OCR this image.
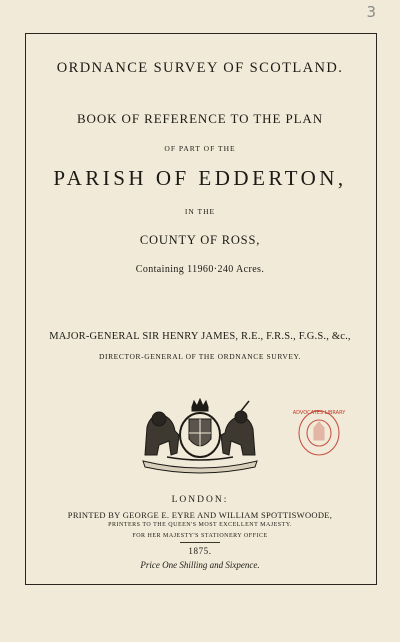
3
ORDNANCE SURVEY OF SCOTLAND.
BOOK OF REFERENCE TO THE PLAN
OF PART OF THE
PARISH OF EDDERTON,
IN THE
COUNTY OF ROSS,
Containing 11960·240 Acres.
MAJOR-GENERAL SIR HENRY JAMES, R.E., F.R.S., F.G.S., &c.,
DIRECTOR-GENERAL OF THE ORDNANCE SURVEY.
ADVOCATES LIBRARY
LONDON:
PRINTED BY GEORGE E. EYRE AND WILLIAM SPOTTISWOODE,
PRINTERS TO THE QUEEN'S MOST EXCELLENT MAJESTY.
FOR HER MAJESTY'S STATIONERY OFFICE
1875.
Price One Shilling and Sixpence.
